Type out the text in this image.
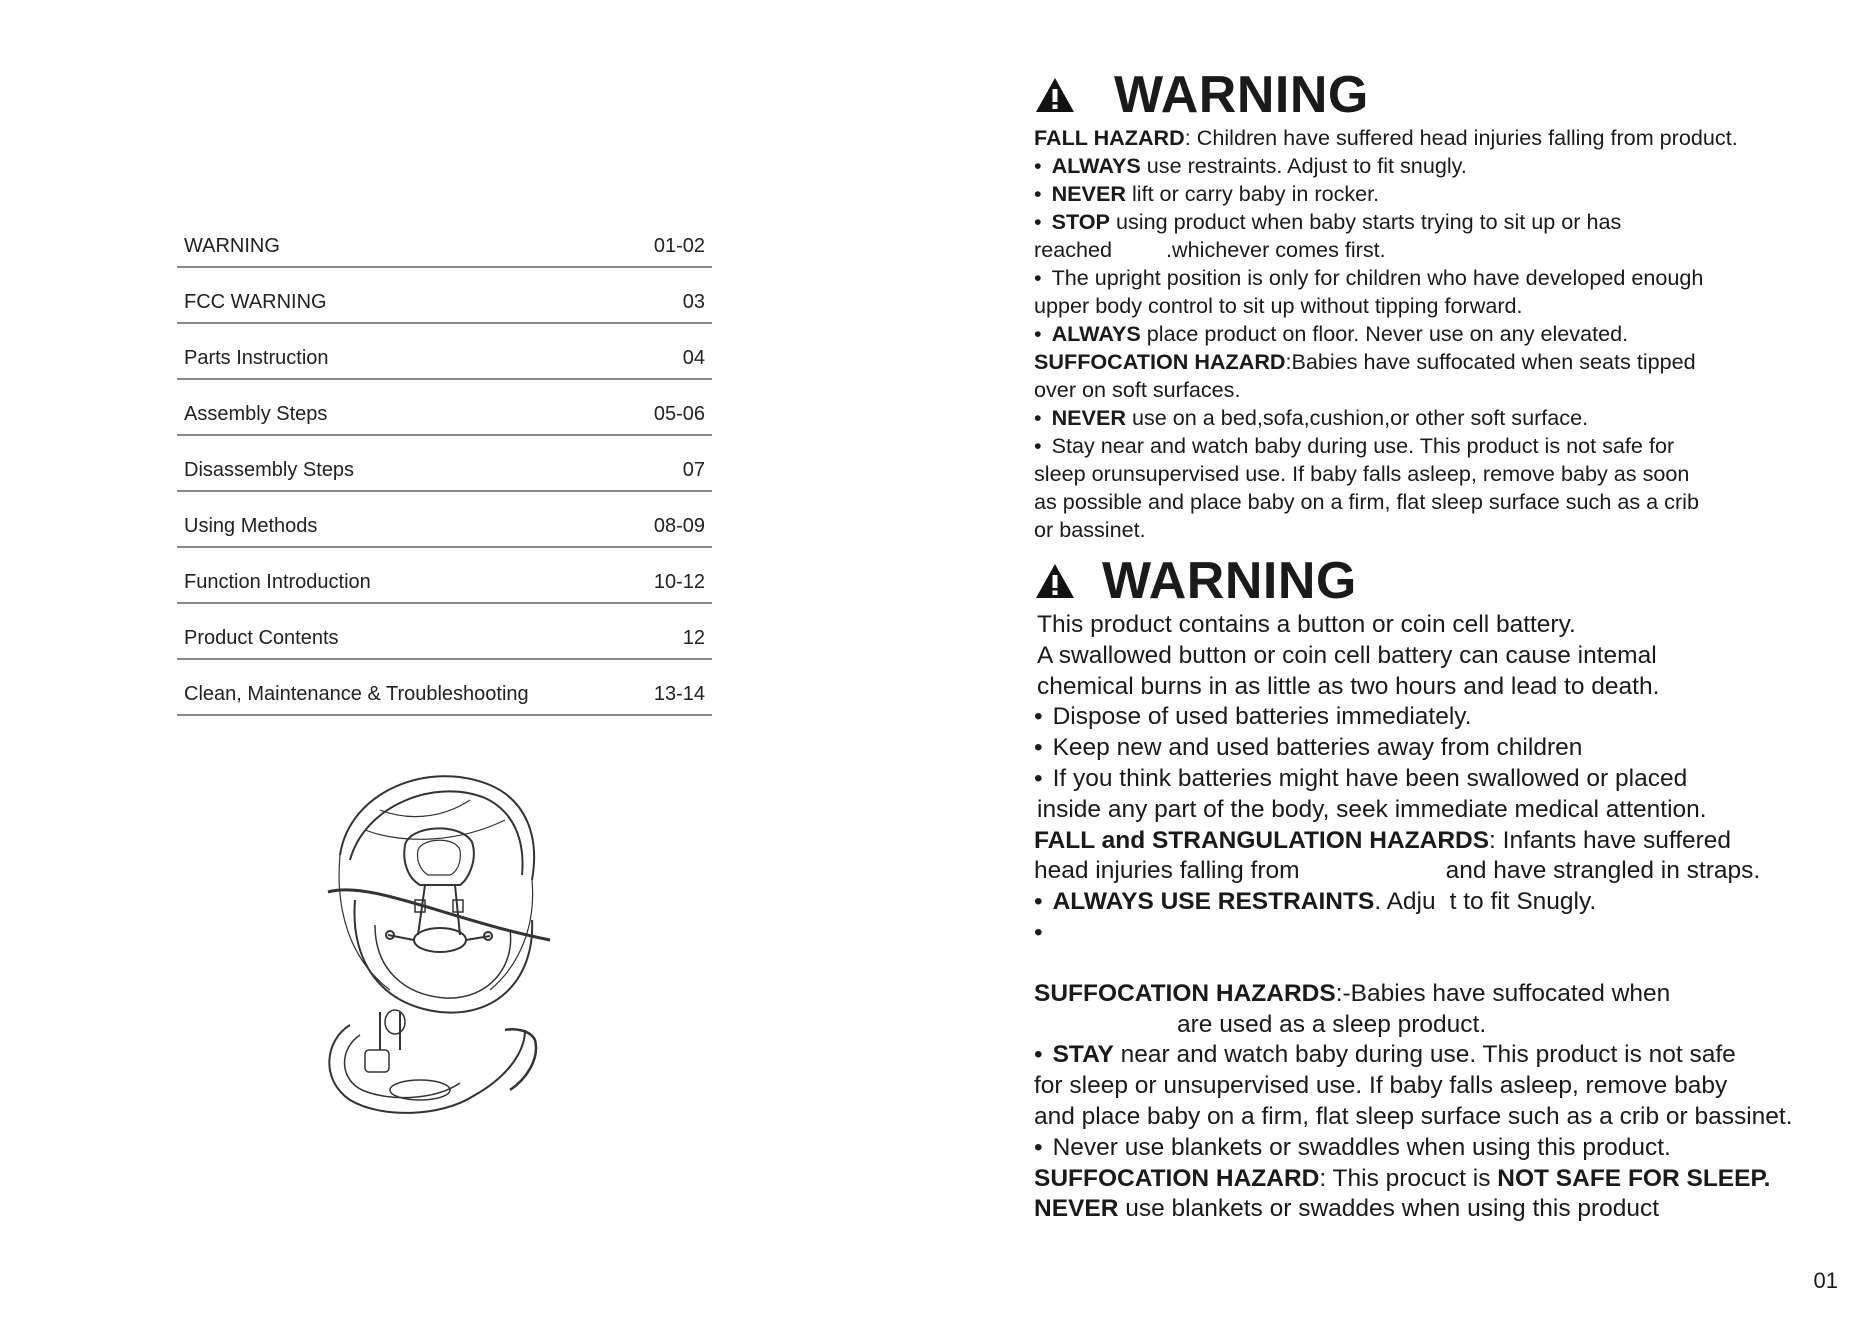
WARNING	01-02
FCC WARNING	03
Parts Instruction	04
Assembly Steps	05-06
Disassembly Steps	07
Using Methods	08-09
Function Introduction	10-12
Product Contents	12
Clean, Maintenance & Troubleshooting	13-14
WARNING

FALL HAZARD: Children have suffered head injuries falling from product.

• ALWAYS use restraints. Adjust to fit snugly.

• NEVER lift or carry baby in rocker.

• STOP using product when baby starts trying to sit up or has

reached	.whichever comes first.

• The upright position is only for children who have developed enough

upper body control to sit up without tipping forward.

• ALWAYS place product on floor. Never use on any elevated.

SUFFOCATION HAZARD:Babies have suffocated when seats tipped

over on soft surfaces.

• NEVER use on a bed,sofa,cushion,or other soft surface.

• Stay near and watch baby during use. This product is not safe for

sleep orunsupervised use. If baby falls asleep, remove baby as soon

as possible and place baby on a firm, flat sleep surface such as a crib

or bassinet.

WARNING

This product contains a button or coin cell battery.

A swallowed button or coin cell battery can cause intemal

chemical burns in as little as two hours and lead to death.

• Dispose of used batteries immediately.

• Keep new and used batteries away from children

• If you think batteries might have been swallowed or placed

inside any part of the body, seek immediate medical attention.

FALL and STRANGULATION HAZARDS: Infants have suffered

head injuries falling from	and have strangled in straps.

• ALWAYS USE RESTRAINTS. Adju t to fit Snugly.

•

SUFFOCATION HAZARDS:-Babies have suffocated when

are used as a sleep product.

• STAY near and watch baby during use. This product is not safe

for sleep or unsupervised use. If baby falls asleep, remove baby

and place baby on a firm, flat sleep surface such as a crib or bassinet.

• Never use blankets or swaddles when using this product.

SUFFOCATION HAZARD: This procuct is NOT SAFE FOR SLEEP.

NEVER use blankets or swaddes when using this product

01
